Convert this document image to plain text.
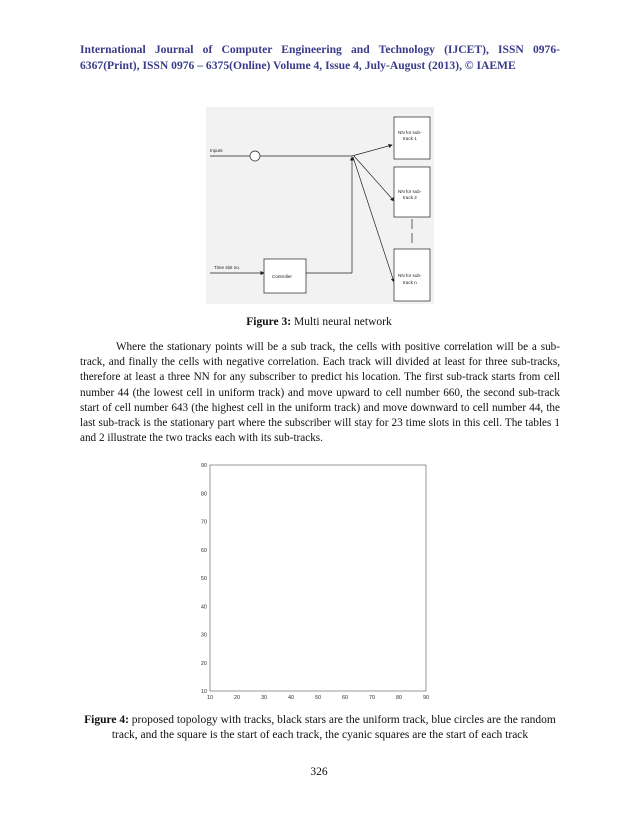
International Journal of Computer Engineering and Technology (IJCET), ISSN 0976-6367(Print), ISSN 0976 – 6375(Online) Volume 4, Issue 4, July-August (2013), © IAEME
Inputs
Time slot no.
Controller
NN for sub-
track 1
NN for sub-
track 2
NN for sub-
track n
Figure 3: Multi neural network
Where the stationary points will be a sub track, the cells with positive correlation will be a sub-track, and finally the cells with negative correlation. Each track will divided at least for three sub-tracks, therefore at least a three NN for any subscriber to predict his location. The first sub-track starts from cell number 44 (the lowest cell in uniform track) and move upward to cell number 660, the second sub-track start of cell number 643 (the highest cell in the uniform track) and move downward to cell number 44, the last sub-track is the stationary part where the subscriber will stay for 23 time slots in this cell. The tables 1 and 2 illustrate the two tracks each with its sub-tracks.
10	20	30	40	50	60	70	80	90
10
20
30
40
50
60
70
80
90
Figure 4: proposed topology with tracks, black stars are the uniform track, blue circles are the random track, and the square is the start of each track, the cyanic squares are the start of each track
326
